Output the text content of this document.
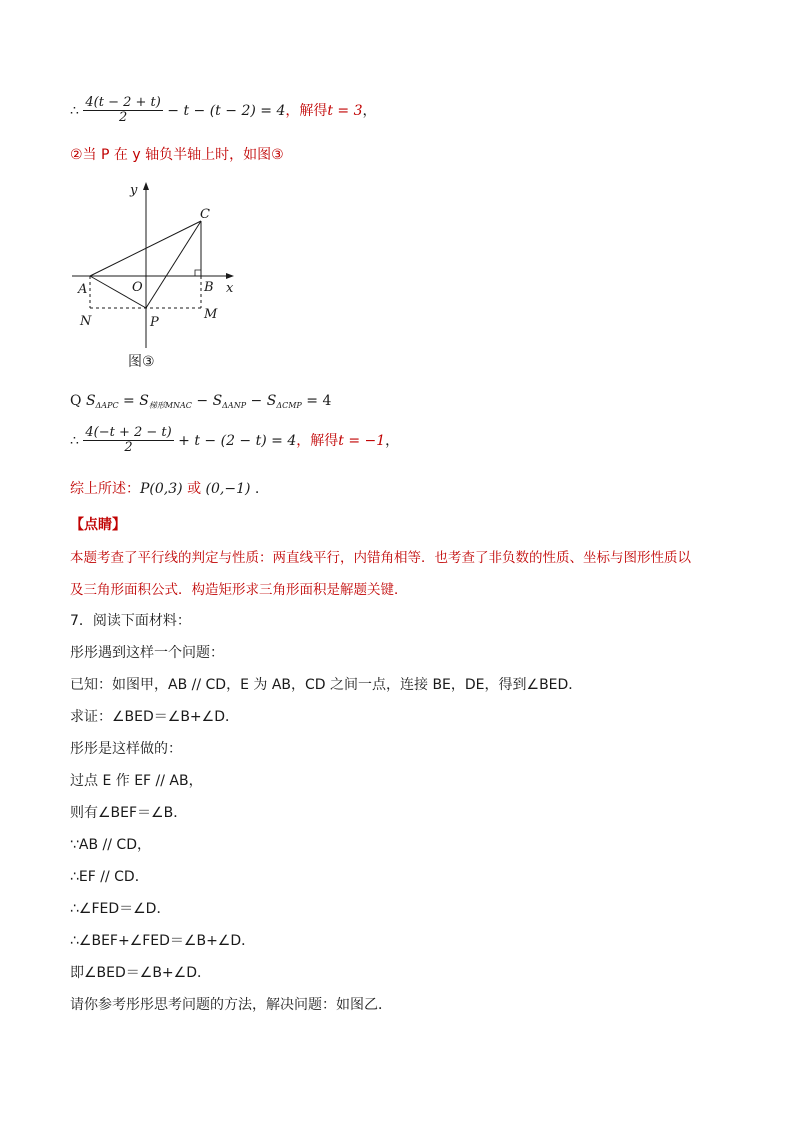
∴ $\frac{4(t - 2 + t)}{2} - t - (t - 2) = 4$，解得t = 3，
②当 P 在 y 轴负半轴上时，如图③
y
x
C
A	O	B
N	P
M
图③
Q $S_{\Delta APC} = S_{梯形MNAC} - S_{\Delta ANP} - S_{\Delta CMP} = 4$
∴ $\frac{4(-t + 2 - t)}{2} + t - (2 - t) = 4$，解得t = −1，
综上所述：P(0,3) 或 (0,−1) .
【点睛】
本题考查了平行线的判定与性质：两直线平行，内错角相等．也考查了非负数的性质、坐标与图形性质以
及三角形面积公式．构造矩形求三角形面积是解题关键．
7．阅读下面材料：
彤彤遇到这样一个问题：
已知：如图甲，AB // CD，E 为 AB，CD 之间一点，连接 BE，DE，得到∠BED．
求证：∠BED＝∠B+∠D．
彤彤是这样做的：
过点 E 作 EF // AB，
则有∠BEF＝∠B．
∵AB // CD，
∴EF // CD．
∴∠FED＝∠D．
∴∠BEF+∠FED＝∠B+∠D．
即∠BED＝∠B+∠D．
请你参考彤彤思考问题的方法，解决问题：如图乙．
